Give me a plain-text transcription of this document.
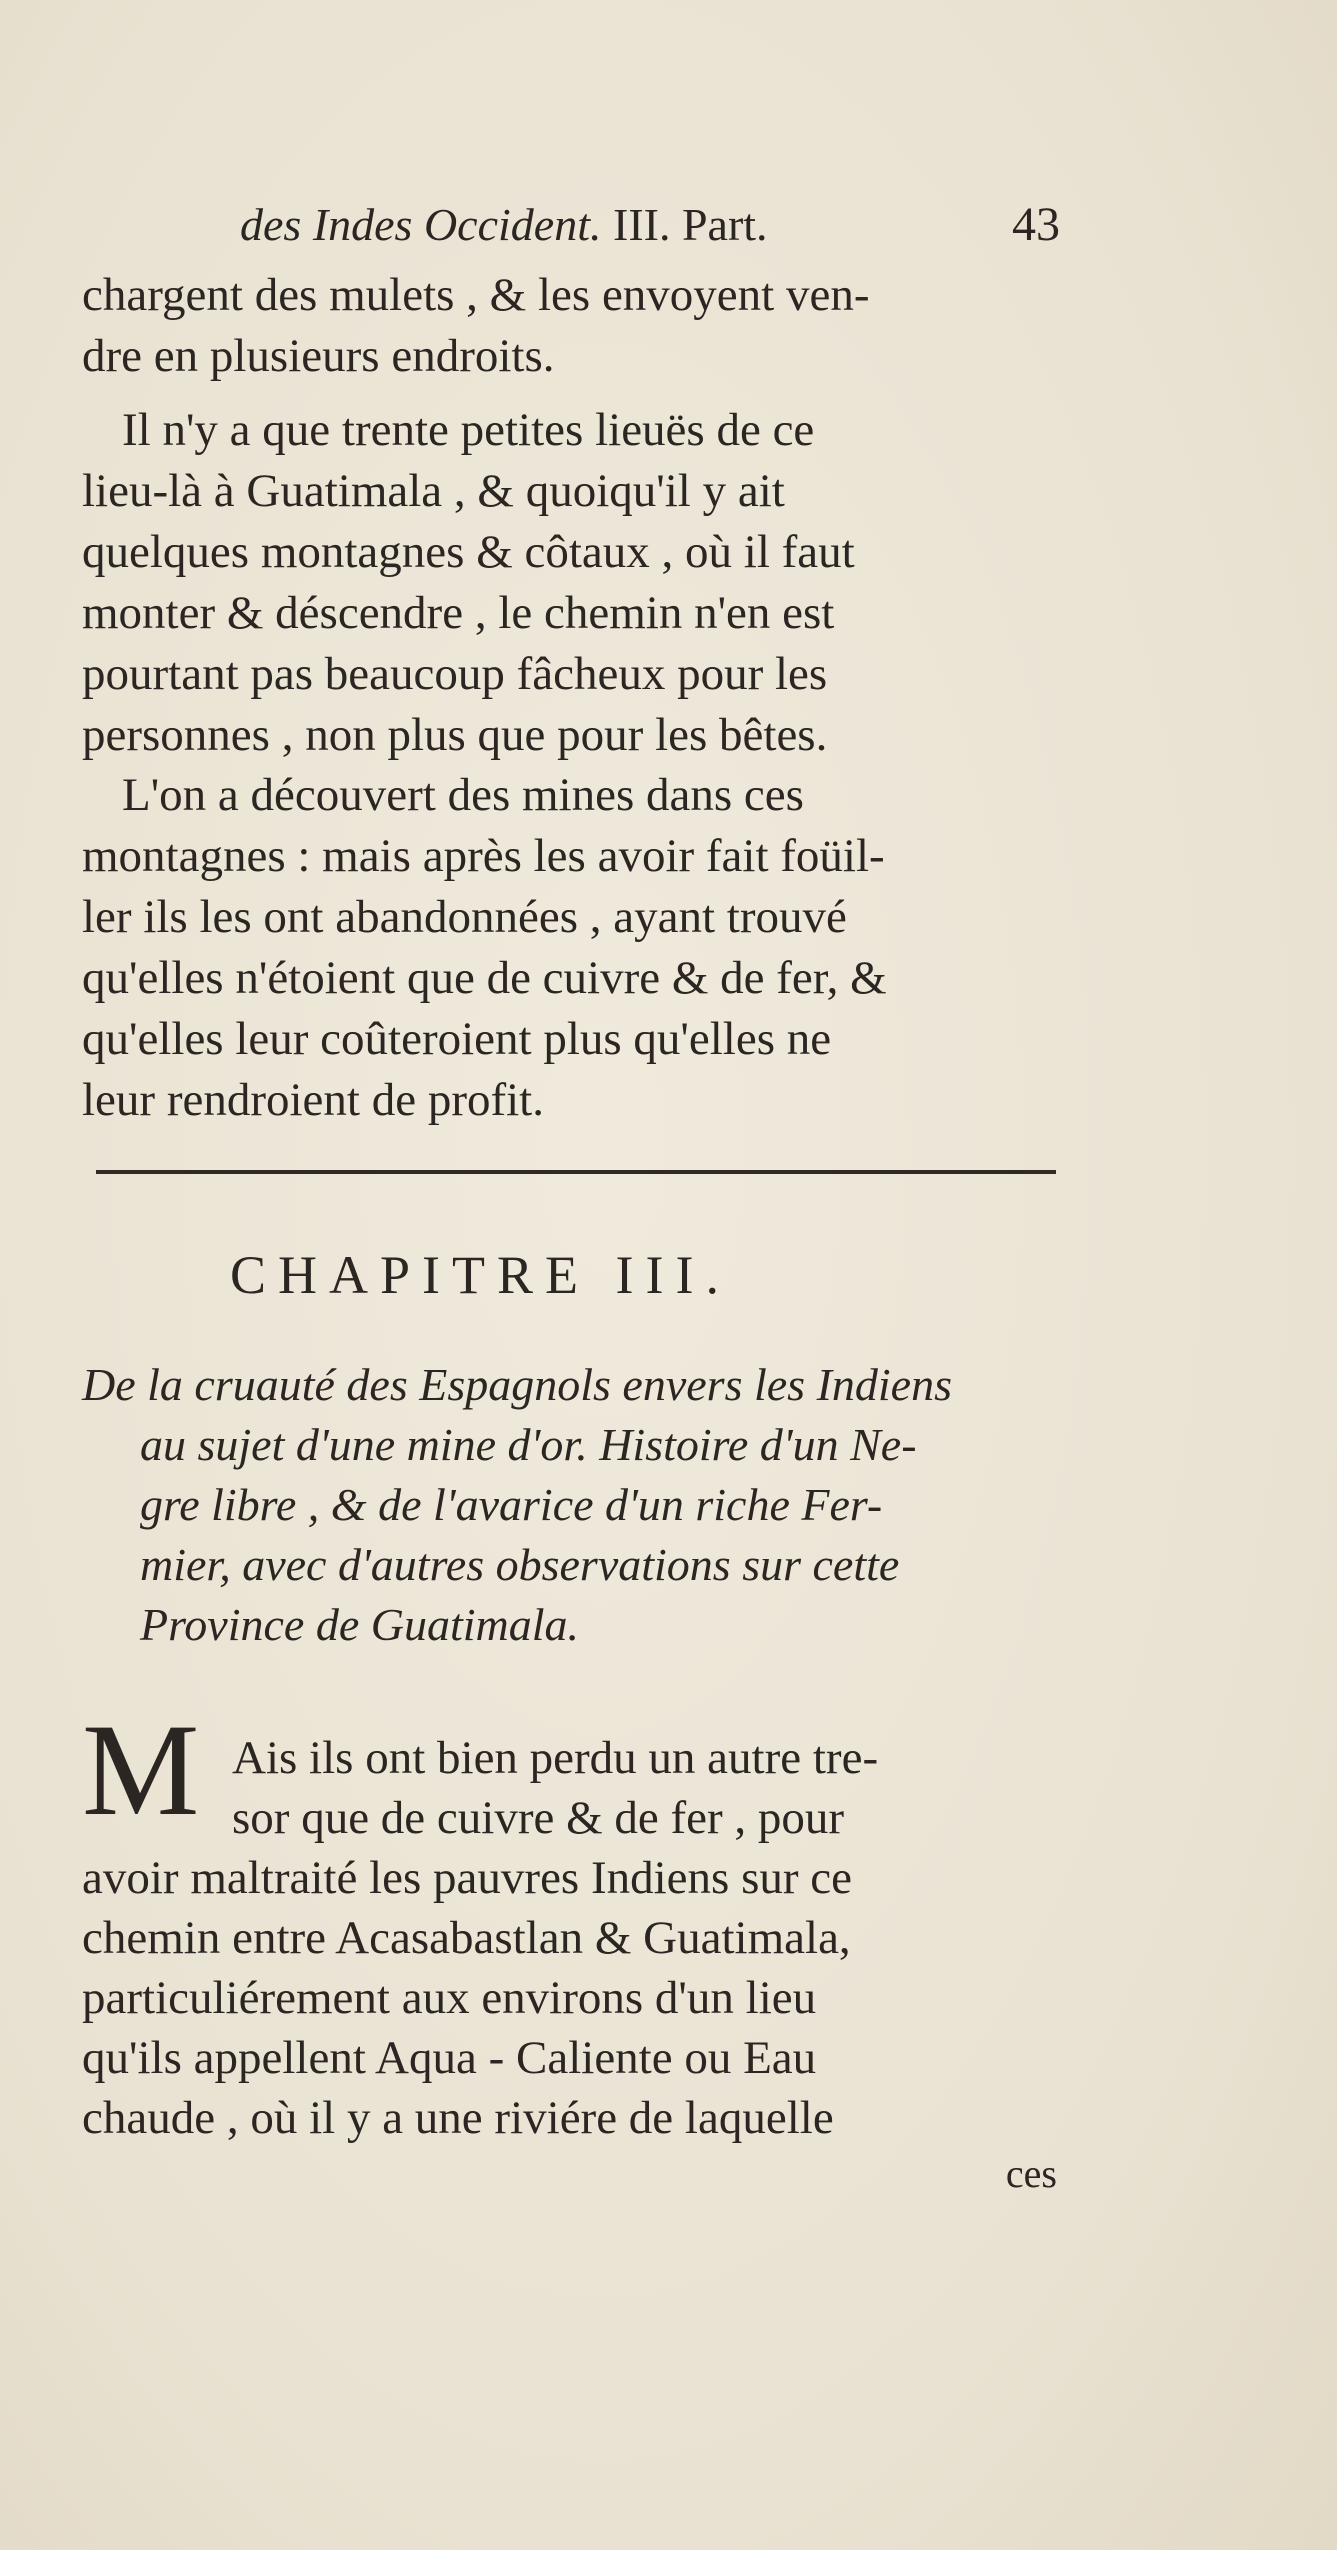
des Indes Occident. III. Part.	43
chargent des mulets , & les envoyent ven-
dre en plusieurs endroits.
Il n'y a que trente petites lieuës de ce
lieu-là à Guatimala , & quoiqu'il y ait
quelques montagnes & côtaux , où il faut
monter & déscendre , le chemin n'en est
pourtant pas beaucoup fâcheux pour les
personnes , non plus que pour les bêtes.
L'on a découvert des mines dans ces
montagnes : mais après les avoir fait foüil-
ler ils les ont abandonnées , ayant trouvé
qu'elles n'étoient que de cuivre & de fer, &
qu'elles leur coûteroient plus qu'elles ne
leur rendroient de profit.
CHAPITRE III.
De la cruauté des Espagnols envers les Indiens
au sujet d'une mine d'or. Histoire d'un Ne-
gre libre , & de l'avarice d'un riche Fer-
mier, avec d'autres observations sur cette
Province de Guatimala.
M Ais ils ont bien perdu un autre tre-
sor que de cuivre & de fer , pour
avoir maltraité les pauvres Indiens sur ce
chemin entre Acasabastlan & Guatimala,
particuliérement aux environs d'un lieu
qu'ils appellent Aqua - Caliente ou Eau
chaude , où il y a une riviére de laquelle
ces
